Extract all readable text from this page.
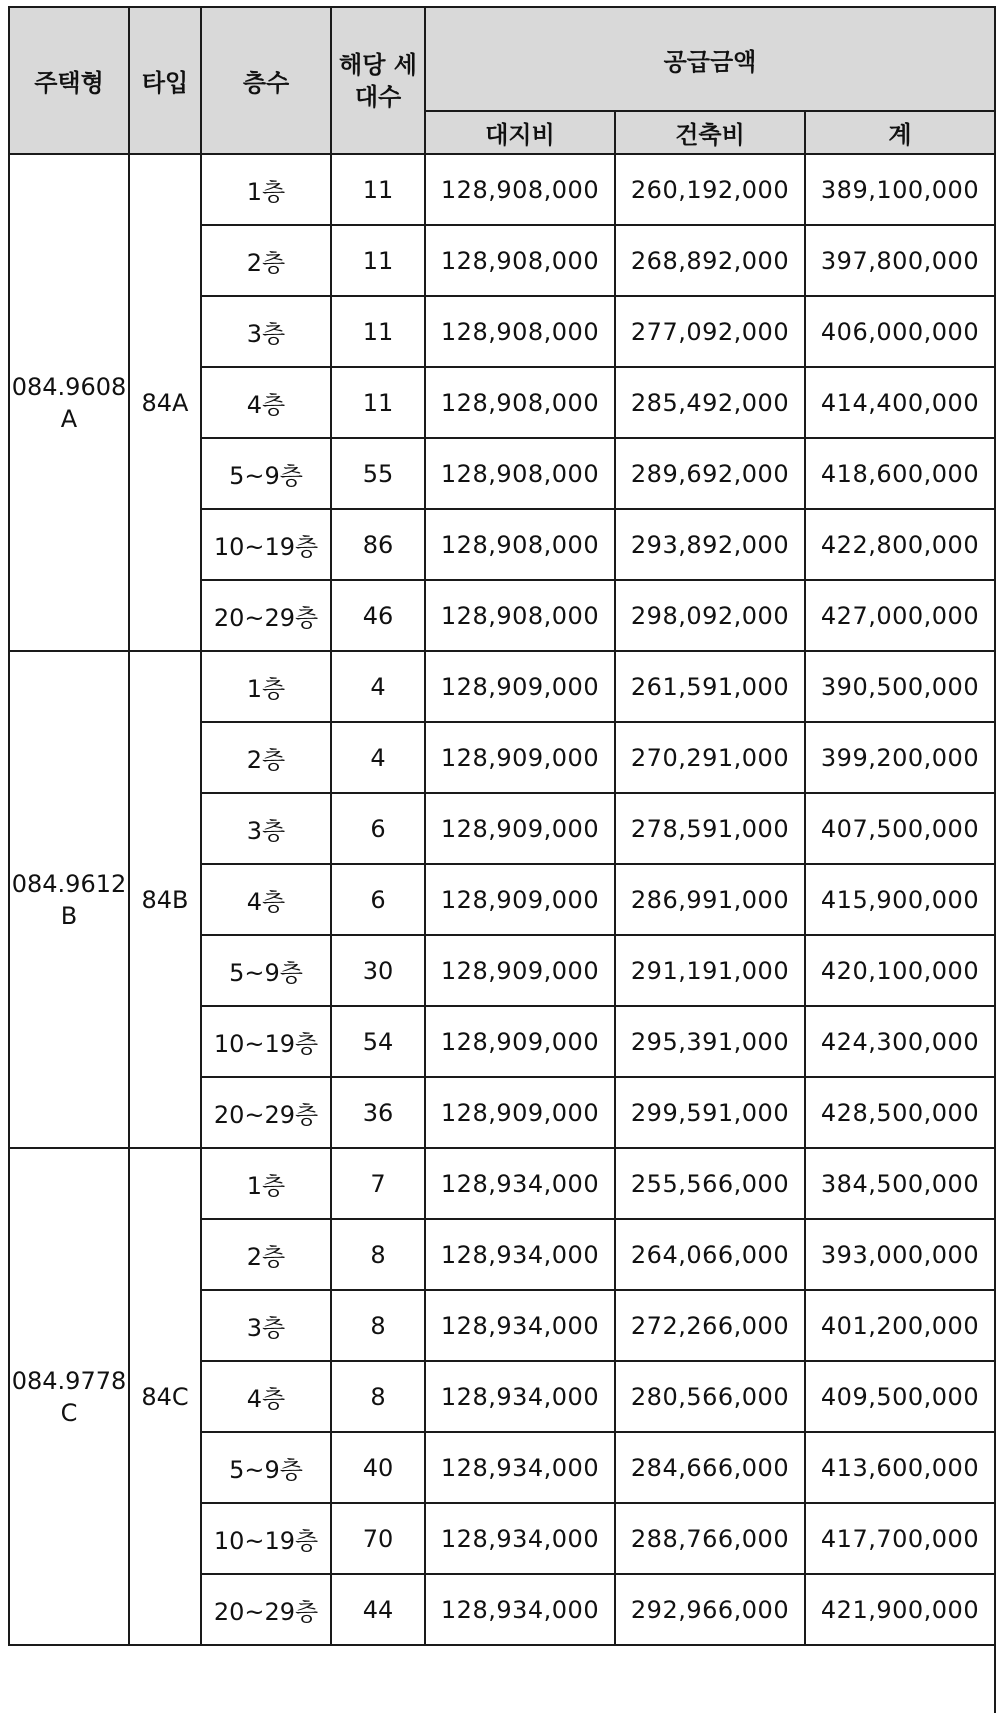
주택형	타입	층수	해당 세대수	공급금액		
				대지비	건축비	계
084.9608 A	84A	1층	11	128,908,000	260,192,000	389,100,000
		2층	11	128,908,000	268,892,000	397,800,000
		3층	11	128,908,000	277,092,000	406,000,000
		4층	11	128,908,000	285,492,000	414,400,000
		5~9층	55	128,908,000	289,692,000	418,600,000
		10~19층	86	128,908,000	293,892,000	422,800,000
		20~29층	46	128,908,000	298,092,000	427,000,000
084.9612 B	84B	1층	4	128,909,000	261,591,000	390,500,000
		2층	4	128,909,000	270,291,000	399,200,000
		3층	6	128,909,000	278,591,000	407,500,000
		4층	6	128,909,000	286,991,000	415,900,000
		5~9층	30	128,909,000	291,191,000	420,100,000
		10~19층	54	128,909,000	295,391,000	424,300,000
		20~29층	36	128,909,000	299,591,000	428,500,000
084.9778 C	84C	1층	7	128,934,000	255,566,000	384,500,000
		2층	8	128,934,000	264,066,000	393,000,000
		3층	8	128,934,000	272,266,000	401,200,000
		4층	8	128,934,000	280,566,000	409,500,000
		5~9층	40	128,934,000	284,666,000	413,600,000
		10~19층	70	128,934,000	288,766,000	417,700,000
		20~29층	44	128,934,000	292,966,000	421,900,000
